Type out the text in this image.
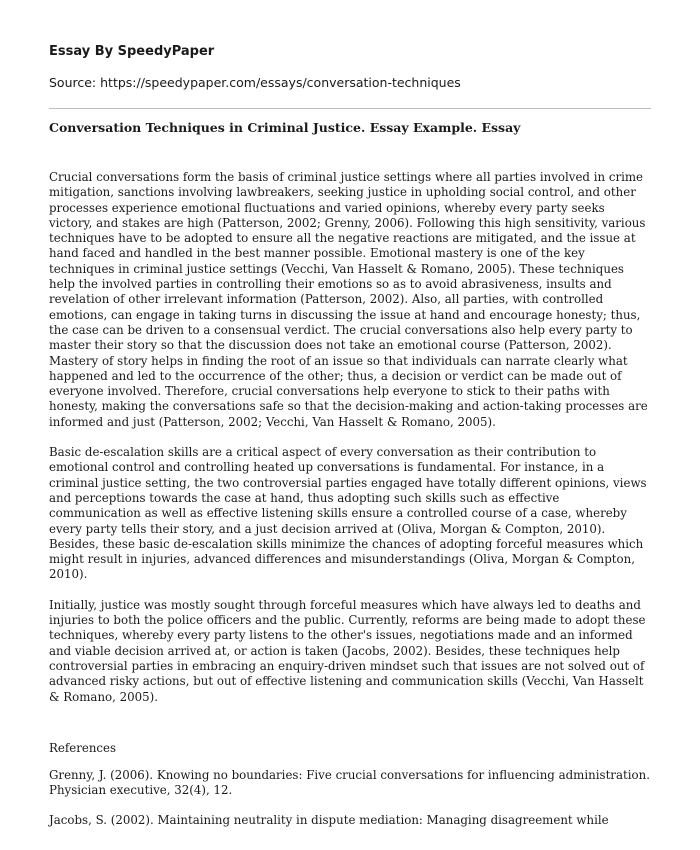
Essay By SpeedyPaper
Source: https://speedypaper.com/essays/conversation-techniques
Conversation Techniques in Criminal Justice. Essay Example. Essay

Crucial conversations form the basis of criminal justice settings where all parties involved in crime mitigation, sanctions involving lawbreakers, seeking justice in upholding social control, and other processes experience emotional fluctuations and varied opinions, whereby every party seeks victory, and stakes are high (Patterson, 2002; Grenny, 2006). Following this high sensitivity, various techniques have to be adopted to ensure all the negative reactions are mitigated, and the issue at hand faced and handled in the best manner possible. Emotional mastery is one of the key techniques in criminal justice settings (Vecchi, Van Hasselt & Romano, 2005). These techniques help the involved parties in controlling their emotions so as to avoid abrasiveness, insults and revelation of other irrelevant information (Patterson, 2002). Also, all parties, with controlled emotions, can engage in taking turns in discussing the issue at hand and encourage honesty; thus, the case can be driven to a consensual verdict. The crucial conversations also help every party to master their story so that the discussion does not take an emotional course (Patterson, 2002). Mastery of story helps in finding the root of an issue so that individuals can narrate clearly what happened and led to the occurrence of the other; thus, a decision or verdict can be made out of everyone involved. Therefore, crucial conversations help everyone to stick to their paths with honesty, making the conversations safe so that the decision-making and action-taking processes are informed and just (Patterson, 2002; Vecchi, Van Hasselt & Romano, 2005).

Basic de-escalation skills are a critical aspect of every conversation as their contribution to emotional control and controlling heated up conversations is fundamental. For instance, in a criminal justice setting, the two controversial parties engaged have totally different opinions, views and perceptions towards the case at hand, thus adopting such skills such as effective communication as well as effective listening skills ensure a controlled course of a case, whereby every party tells their story, and a just decision arrived at (Oliva, Morgan & Compton, 2010). Besides, these basic de-escalation skills minimize the chances of adopting forceful measures which might result in injuries, advanced differences and misunderstandings (Oliva, Morgan & Compton, 2010).

Initially, justice was mostly sought through forceful measures which have always led to deaths and injuries to both the police officers and the public. Currently, reforms are being made to adopt these techniques, whereby every party listens to the other's issues, negotiations made and an informed and viable decision arrived at, or action is taken (Jacobs, 2002). Besides, these techniques help controversial parties in embracing an enquiry-driven mindset such that issues are not solved out of advanced risky actions, but out of effective listening and communication skills (Vecchi, Van Hasselt & Romano, 2005).

References

Grenny, J. (2006). Knowing no boundaries: Five crucial conversations for influencing administration. Physician executive, 32(4), 12.

Jacobs, S. (2002). Maintaining neutrality in dispute mediation: Managing disagreement while
